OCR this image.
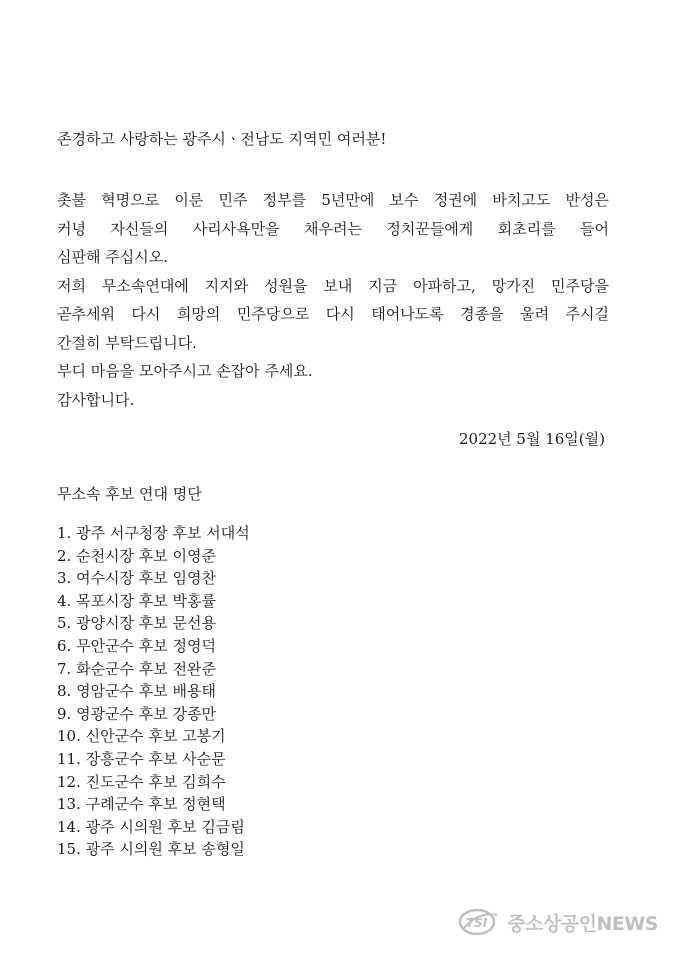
존경하고 사랑하는 광주시ㆍ전남도 지역민 여러분!
촛불 혁명으로 이룬 민주 정부를 5년만에 보수 정권에 바치고도 반성은
커녕 자신들의 사리사욕만을 채우려는 정치꾼들에게 회초리를 들어
심판해 주십시오.
저희 무소속연대에 지지와 성원을 보내 지금 아파하고, 망가진 민주당을
곧추세워 다시 희망의 민주당으로 다시 태어나도록 경종을 울려 주시길
간절히 부탁드립니다.
부디 마음을 모아주시고 손잡아 주세요.
감사합니다.
2022년 5월 16일(월)
무소속 후보 연대 명단
1. 광주 서구청장 후보 서대석
2. 순천시장 후보 이영준
3. 여수시장 후보 임영찬
4. 목포시장 후보 박홍률
5. 광양시장 후보 문선용
6. 무안군수 후보 정영덕
7. 화순군수 후보 전완준
8. 영암군수 후보 배용태
9. 영광군수 후보 강종만
10. 신안군수 후보 고봉기
11. 장흥군수 후보 사순문
12. 진도군수 후보 김희수
13. 구례군수 후보 정현택
14. 광주 시의원 후보 김금림
15. 광주 시의원 후보 송형일
TSI 중소상공인NEWS
